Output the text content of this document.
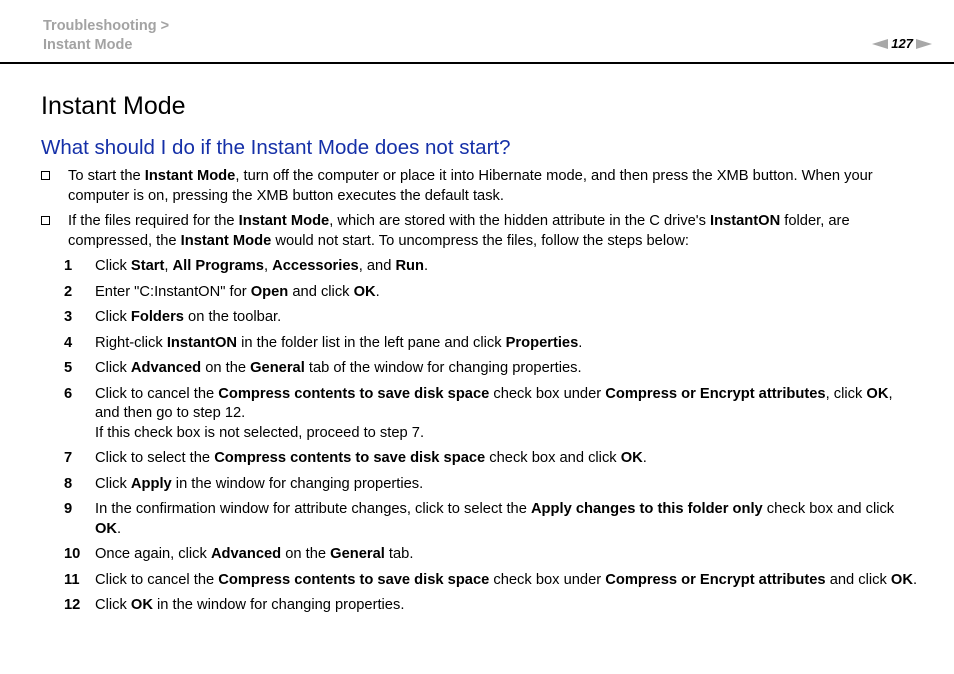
Troubleshooting >
Instant Mode	127
Instant Mode
What should I do if the Instant Mode does not start?
To start the Instant Mode, turn off the computer or place it into Hibernate mode, and then press the XMB button. When your computer is on, pressing the XMB button executes the default task.
If the files required for the Instant Mode, which are stored with the hidden attribute in the C drive's InstantON folder, are compressed, the Instant Mode would not start. To uncompress the files, follow the steps below:
1	Click Start, All Programs, Accessories, and Run.
2	Enter "C:InstantON" for Open and click OK.
3	Click Folders on the toolbar.
4	Right-click InstantON in the folder list in the left pane and click Properties.
5	Click Advanced on the General tab of the window for changing properties.
6	Click to cancel the Compress contents to save disk space check box under Compress or Encrypt attributes, click OK, and then go to step 12.
If this check box is not selected, proceed to step 7.
7	Click to select the Compress contents to save disk space check box and click OK.
8	Click Apply in the window for changing properties.
9	In the confirmation window for attribute changes, click to select the Apply changes to this folder only check box and click OK.
10 Once again, click Advanced on the General tab.
11	Click to cancel the Compress contents to save disk space check box under Compress or Encrypt attributes and click OK.
12 Click OK in the window for changing properties.
